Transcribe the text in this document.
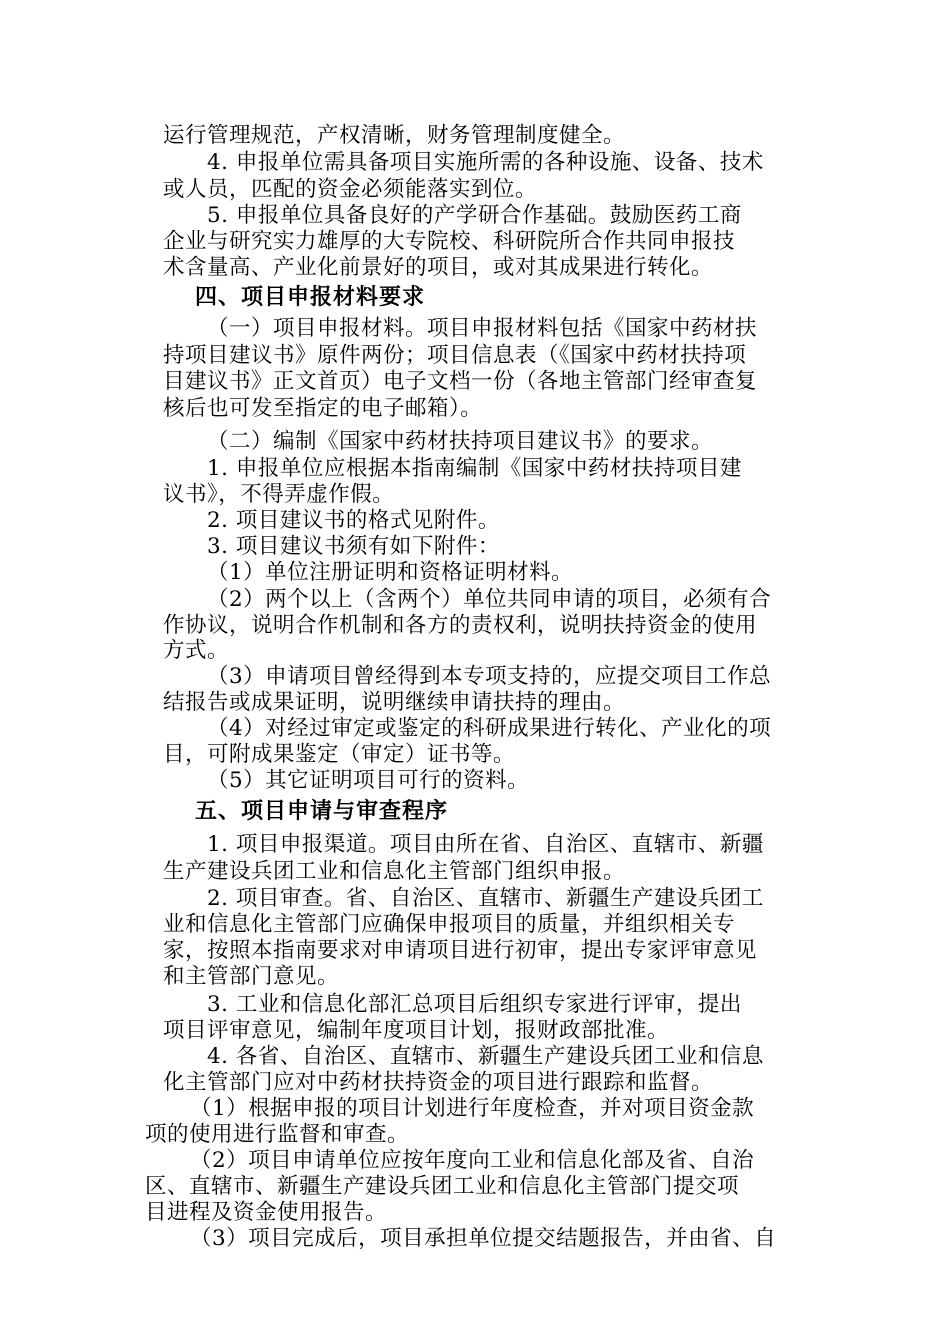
运行管理规范，产权清晰，财务管理制度健全。
4. 申报单位需具备项目实施所需的各种设施、设备、技术
或人员，匹配的资金必须能落实到位。
5. 申报单位具备良好的产学研合作基础。鼓励医药工商
企业与研究实力雄厚的大专院校、科研院所合作共同申报技
术含量高、产业化前景好的项目，或对其成果进行转化。
四、项目申报材料要求
（一）项目申报材料。项目申报材料包括《国家中药材扶
持项目建议书》原件两份；项目信息表（《国家中药材扶持项
目建议书》正文首页）电子文档一份（各地主管部门经审查复
核后也可发至指定的电子邮箱）。
（二）编制《国家中药材扶持项目建议书》的要求。
1. 申报单位应根据本指南编制《国家中药材扶持项目建
议书》，不得弄虚作假。
2. 项目建议书的格式见附件。
3. 项目建议书须有如下附件：
（1）单位注册证明和资格证明材料。
（2）两个以上（含两个）单位共同申请的项目，必须有合
作协议，说明合作机制和各方的责权利，说明扶持资金的使用
方式。
（3）申请项目曾经得到本专项支持的，应提交项目工作总
结报告或成果证明，说明继续申请扶持的理由。
（4）对经过审定或鉴定的科研成果进行转化、产业化的项
目，可附成果鉴定（审定）证书等。
（5）其它证明项目可行的资料。
五、项目申请与审查程序
1. 项目申报渠道。项目由所在省、自治区、直辖市、新疆
生产建设兵团工业和信息化主管部门组织申报。
2. 项目审查。省、自治区、直辖市、新疆生产建设兵团工
业和信息化主管部门应确保申报项目的质量，并组织相关专
家，按照本指南要求对申请项目进行初审，提出专家评审意见
和主管部门意见。
3. 工业和信息化部汇总项目后组织专家进行评审，提出
项目评审意见，编制年度项目计划，报财政部批准。
4. 各省、自治区、直辖市、新疆生产建设兵团工业和信息
化主管部门应对中药材扶持资金的项目进行跟踪和监督。
（1）根据申报的项目计划进行年度检查，并对项目资金款
项的使用进行监督和审查。
（2）项目申请单位应按年度向工业和信息化部及省、自治
区、直辖市、新疆生产建设兵团工业和信息化主管部门提交项
目进程及资金使用报告。
（3）项目完成后，项目承担单位提交结题报告，并由省、自
